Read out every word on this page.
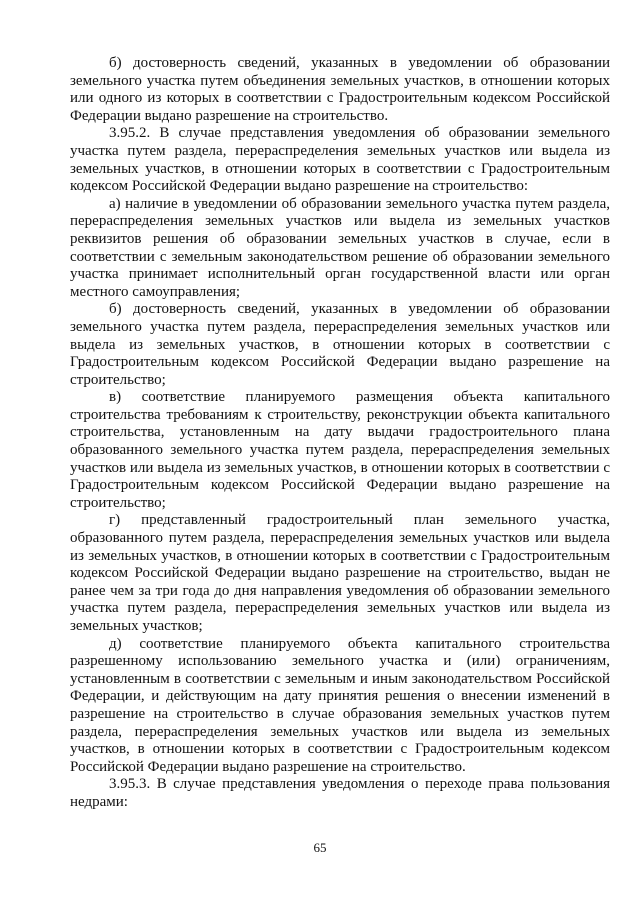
б) достоверность сведений, указанных в уведомлении об образовании земельного участка путем объединения земельных участков, в отношении которых или одного из которых в соответствии с Градостроительным кодексом Российской Федерации выдано разрешение на строительство.

3.95.2. В случае представления уведомления об образовании земельного участка путем раздела, перераспределения земельных участков или выдела из земельных участков, в отношении которых в соответствии с Градостроительным кодексом Российской Федерации выдано разрешение на строительство:

а) наличие в уведомлении об образовании земельного участка путем раздела, перераспределения земельных участков или выдела из земельных участков реквизитов решения об образовании земельных участков в случае, если в соответствии с земельным законодательством решение об образовании земельного участка принимает исполнительный орган государственной власти или орган местного самоуправления;

б) достоверность сведений, указанных в уведомлении об образовании земельного участка путем раздела, перераспределения земельных участков или выдела из земельных участков, в отношении которых в соответствии с Градостроительным кодексом Российской Федерации выдано разрешение на строительство;

в) соответствие планируемого размещения объекта капитального строительства требованиям к строительству, реконструкции объекта капитального строительства, установленным на дату выдачи градостроительного плана образованного земельного участка путем раздела, перераспределения земельных участков или выдела из земельных участков, в отношении которых в соответствии с Градостроительным кодексом Российской Федерации выдано разрешение на строительство;

г) представленный градостроительный план земельного участка, образованного путем раздела, перераспределения земельных участков или выдела из земельных участков, в отношении которых в соответствии с Градостроительным кодексом Российской Федерации выдано разрешение на строительство, выдан не ранее чем за три года до дня направления уведомления об образовании земельного участка путем раздела, перераспределения земельных участков или выдела из земельных участков;

д) соответствие планируемого объекта капитального строительства разрешенному использованию земельного участка и (или) ограничениям, установленным в соответствии с земельным и иным законодательством Российской Федерации, и действующим на дату принятия решения о внесении изменений в разрешение на строительство в случае образования земельных участков путем раздела, перераспределения земельных участков или выдела из земельных участков, в отношении которых в соответствии с Градостроительным кодексом Российской Федерации выдано разрешение на строительство.

3.95.3. В случае представления уведомления о переходе права пользования недрами:

65
